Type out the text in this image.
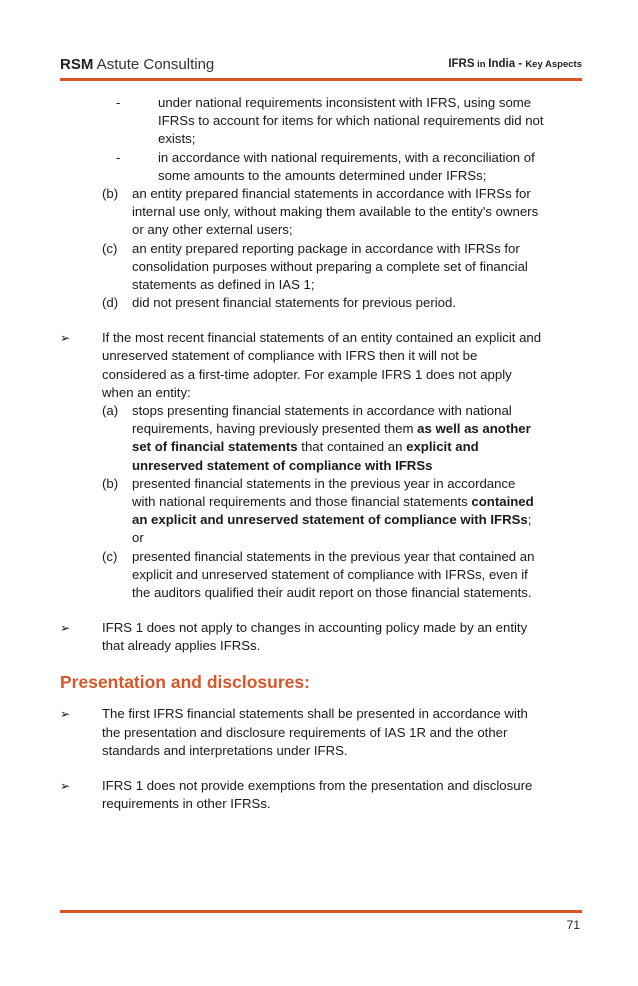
RSM Astute Consulting	IFRS in India - Key Aspects
-	under national requirements inconsistent with IFRS, using some
IFRSs to account for items for which national requirements did not
exists;
-	in accordance with national requirements, with a reconciliation of
some amounts to the amounts determined under IFRSs;
(b) an entity prepared financial statements in accordance with IFRSs for
internal use only, without making them available to the entity's owners
or any other external users;
(c) an entity prepared reporting package in accordance with IFRSs for
consolidation purposes without preparing a complete set of financial
statements as defined in IAS 1;
(d) did not present financial statements for previous period.
➢ If the most recent financial statements of an entity contained an explicit and
unreserved statement of compliance with IFRS then it will not be
considered as a first-time adopter. For example IFRS 1 does not apply
when an entity:
(a) stops presenting financial statements in accordance with national
requirements, having previously presented them as well as another
set of financial statements that contained an explicit and
unreserved statement of compliance with IFRSs
(b) presented financial statements in the previous year in accordance
with national requirements and those financial statements contained
an explicit and unreserved statement of compliance with IFRSs;
or
(c) presented financial statements in the previous year that contained an
explicit and unreserved statement of compliance with IFRSs, even if
the auditors qualified their audit report on those financial statements.
➢ IFRS 1 does not apply to changes in accounting policy made by an entity
that already applies IFRSs.
Presentation and disclosures:
➢ The first IFRS financial statements shall be presented in accordance with
the presentation and disclosure requirements of IAS 1R and the other
standards and interpretations under IFRS.
➢ IFRS 1 does not provide exemptions from the presentation and disclosure
requirements in other IFRSs.
71
